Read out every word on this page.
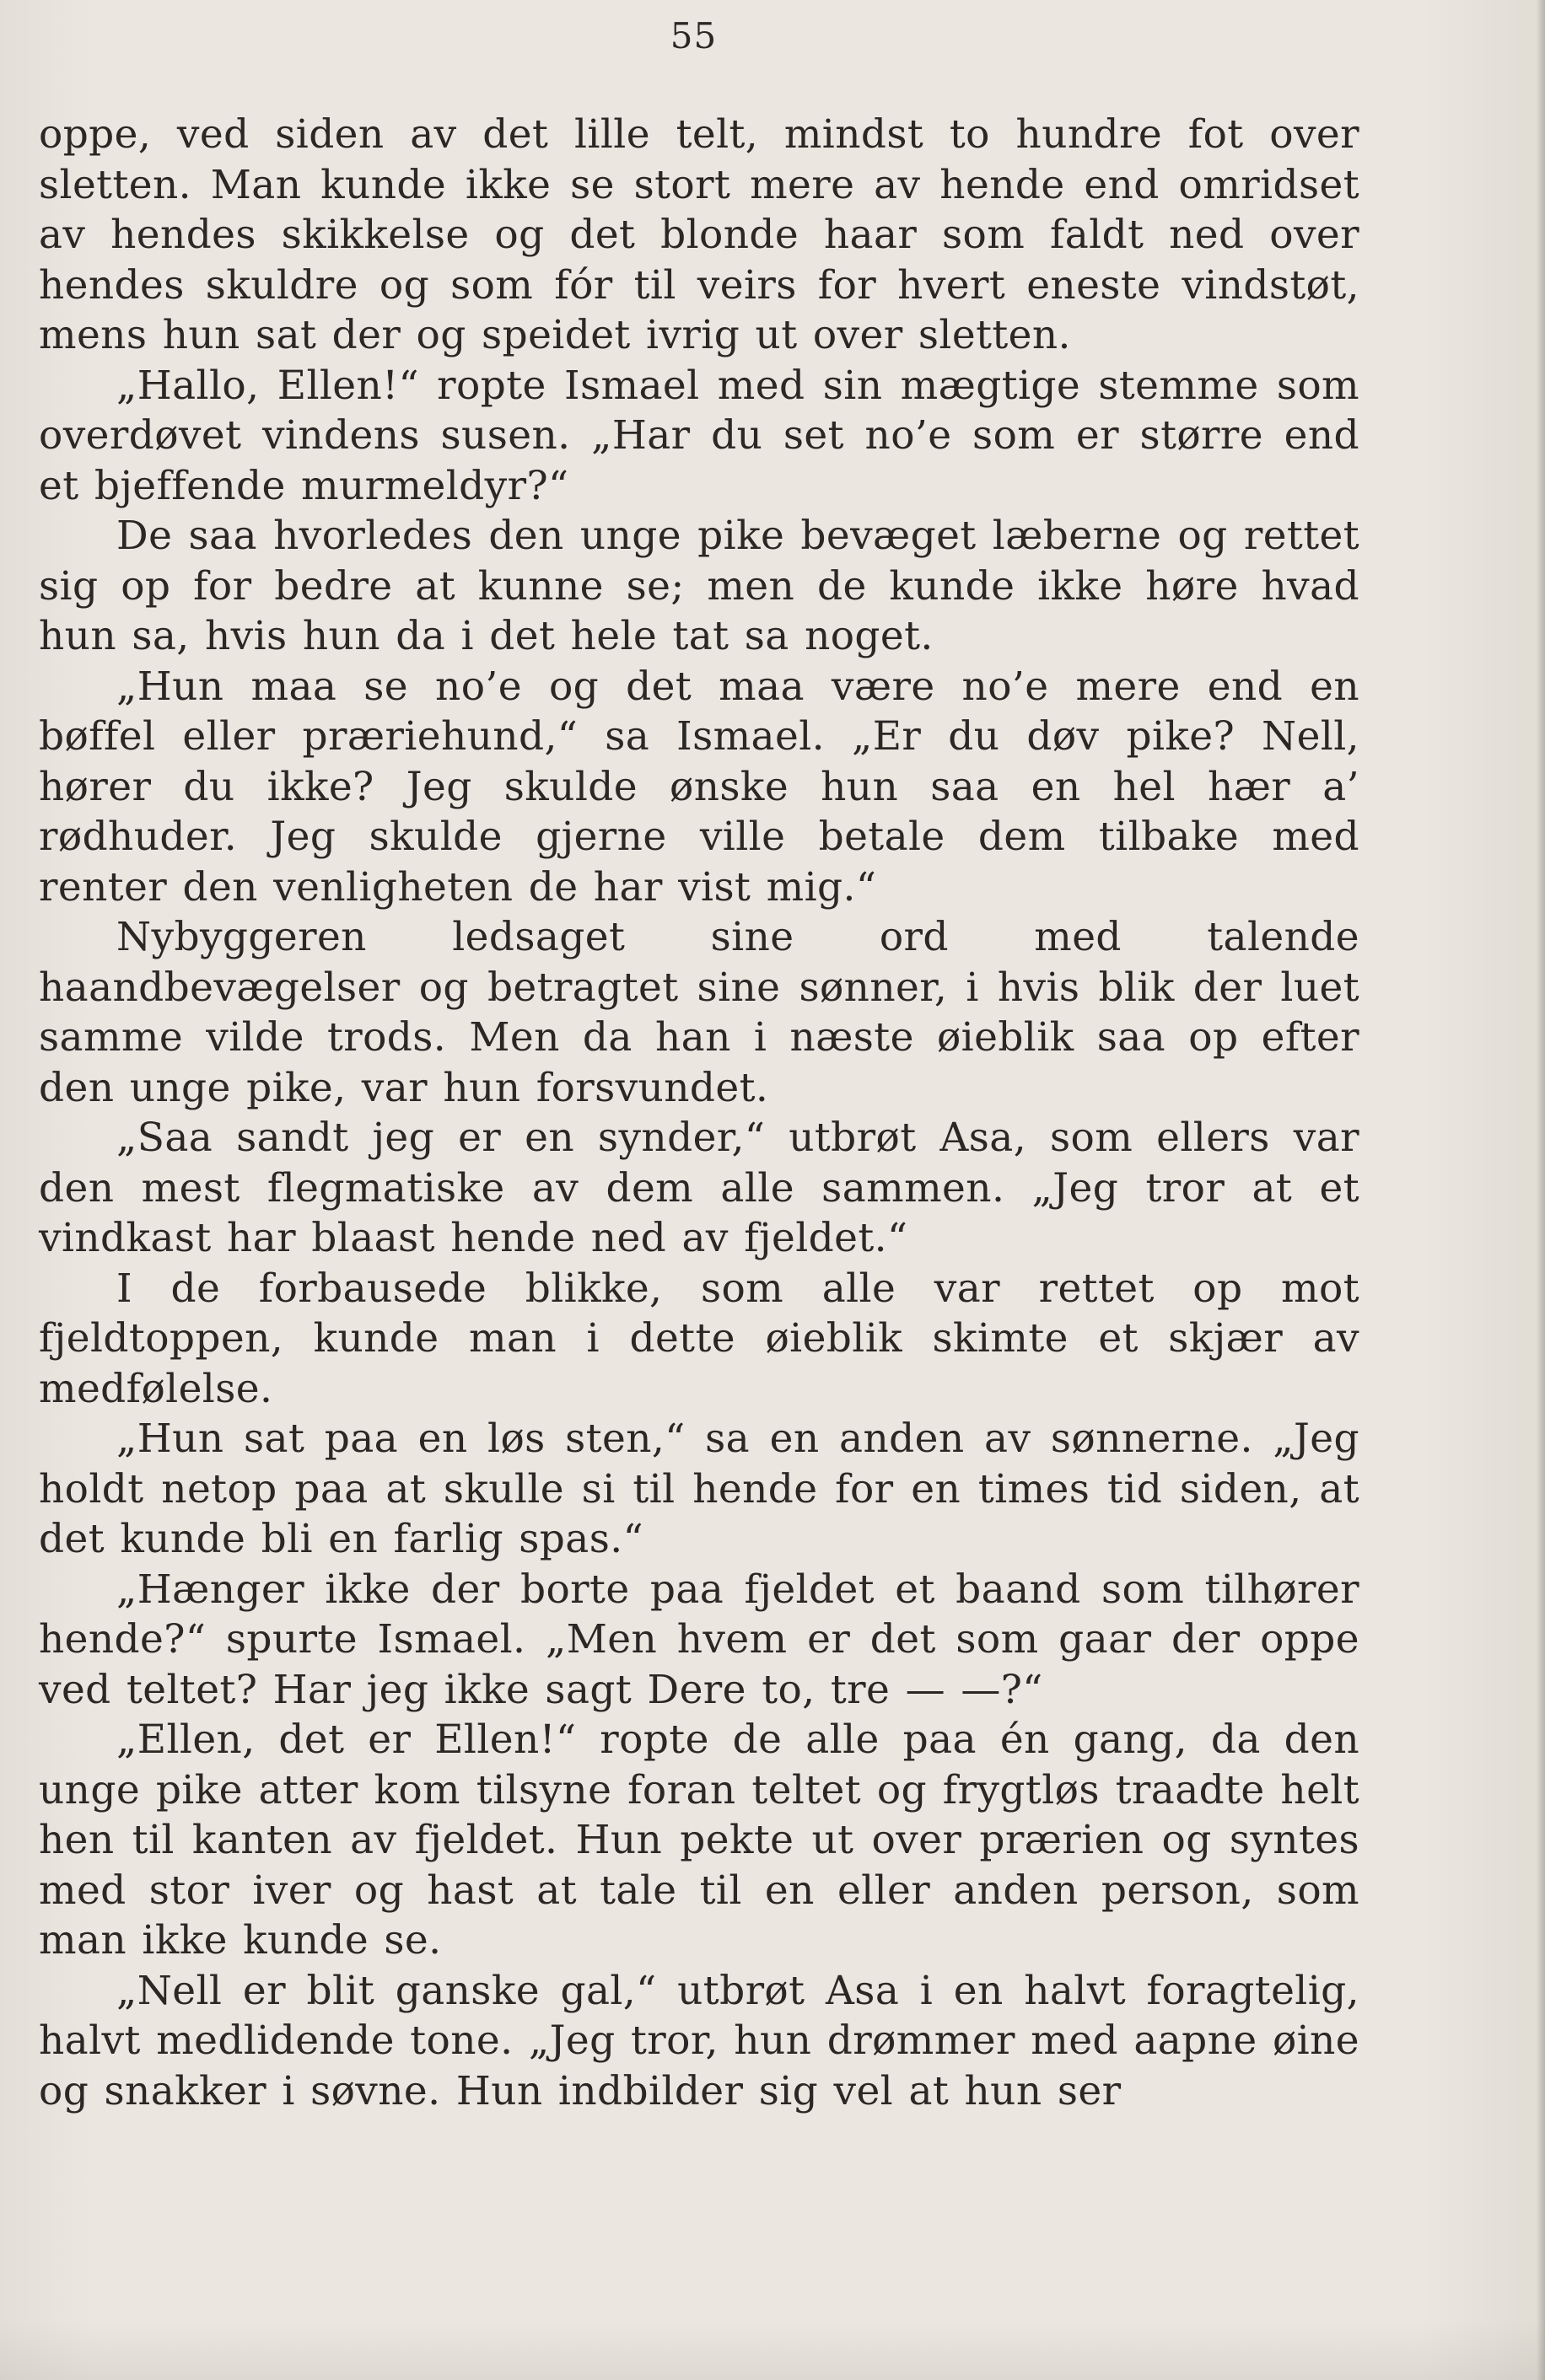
55

oppe, ved siden av det lille telt, mindst to hundre fot over sletten. Man kunde ikke se stort mere av hende end omridset av hendes skikkelse og det blonde haar som faldt ned over hendes skuldre og som fór til veirs for hvert eneste vindstøt, mens hun sat der og speidet ivrig ut over sletten.

„Hallo, Ellen!“ ropte Ismael med sin mægtige stemme som overdøvet vindens susen. „Har du set no’e som er større end et bjeffende murmeldyr?“

De saa hvorledes den unge pike bevæget læberne og rettet sig op for bedre at kunne se; men de kunde ikke høre hvad hun sa, hvis hun da i det hele tat sa noget.

„Hun maa se no’e og det maa være no’e mere end en bøffel eller præriehund,“ sa Ismael. „Er du døv pike? Nell, hører du ikke? Jeg skulde ønske hun saa en hel hær a’ rødhuder. Jeg skulde gjerne ville betale dem tilbake med renter den venligheten de har vist mig.“

Nybyggeren ledsaget sine ord med talende haandbevægelser og betragtet sine sønner, i hvis blik der luet samme vilde trods. Men da han i næste øieblik saa op efter den unge pike, var hun forsvundet.

„Saa sandt jeg er en synder,“ utbrøt Asa, som ellers var den mest flegmatiske av dem alle sammen. „Jeg tror at et vindkast har blaast hende ned av fjeldet.“

I de forbausede blikke, som alle var rettet op mot fjeldtoppen, kunde man i dette øieblik skimte et skjær av medfølelse.

„Hun sat paa en løs sten,“ sa en anden av sønnerne. „Jeg holdt netop paa at skulle si til hende for en times tid siden, at det kunde bli en farlig spas.“

„Hænger ikke der borte paa fjeldet et baand som tilhører hende?“ spurte Ismael. „Men hvem er det som gaar der oppe ved teltet? Har jeg ikke sagt Dere to, tre — —?“

„Ellen, det er Ellen!“ ropte de alle paa én gang, da den unge pike atter kom tilsyne foran teltet og frygtløs traadte helt hen til kanten av fjeldet. Hun pekte ut over prærien og syntes med stor iver og hast at tale til en eller anden person, som man ikke kunde se.

„Nell er blit ganske gal,“ utbrøt Asa i en halvt foragtelig, halvt medlidende tone. „Jeg tror, hun drømmer med aapne øine og snakker i søvne. Hun indbilder sig vel at hun ser
